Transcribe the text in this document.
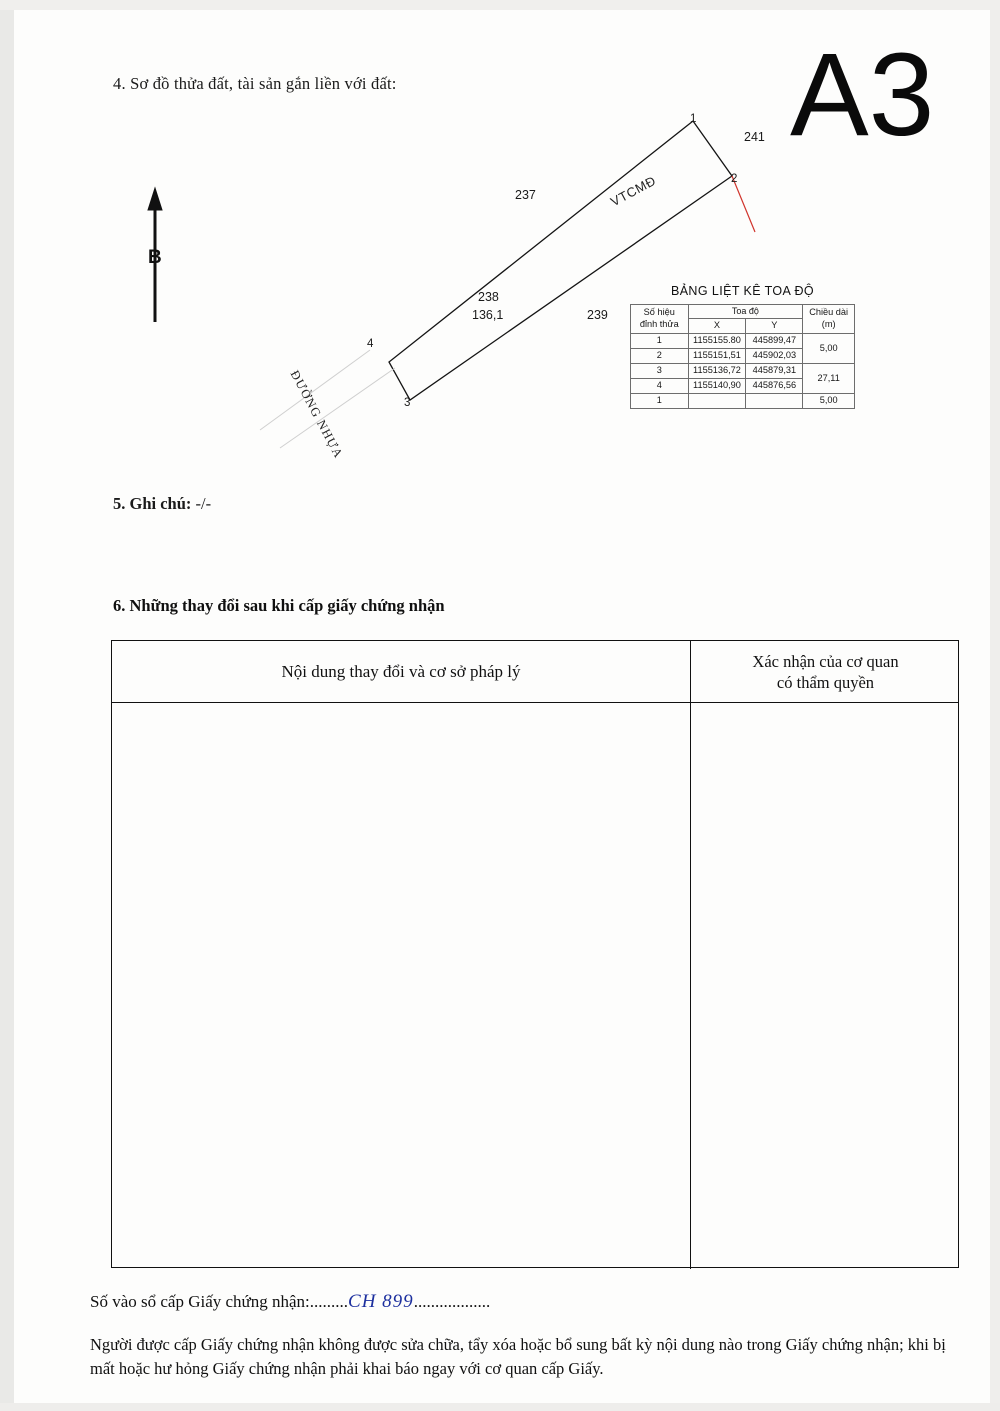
4. Sơ đồ thửa đất, tài sản gắn liền với đất:	A3
B
ĐƯỜNG NHỰA
VTCMĐ
241
237
238
239
136,1
1
2
3
4
BẢNG LIỆT KÊ TOA ĐỘ
Số hiệu
đỉnh thửa
	Toa độ	Chiều dài
(m)

	X	Y	
1	1155155.80	445899,47	5,00
2	1155151,51	445902,03	
3	1155136,72	445879,31	27,11
4	1155140,90	445876,56	
1			5,00
5. Ghi chú: -/-
6. Những thay đổi sau khi cấp giấy chứng nhận
Nội dung thay đổi và cơ sở pháp lý
Xác nhận của cơ quan
có thẩm quyền
Số vào sổ cấp Giấy chứng nhận:.........CH 899..................
Người được cấp Giấy chứng nhận không được sửa chữa, tẩy xóa hoặc bổ sung bất kỳ nội dung nào trong Giấy chứng nhận; khi bị mất hoặc hư hỏng Giấy chứng nhận phải khai báo ngay với cơ quan cấp Giấy.
